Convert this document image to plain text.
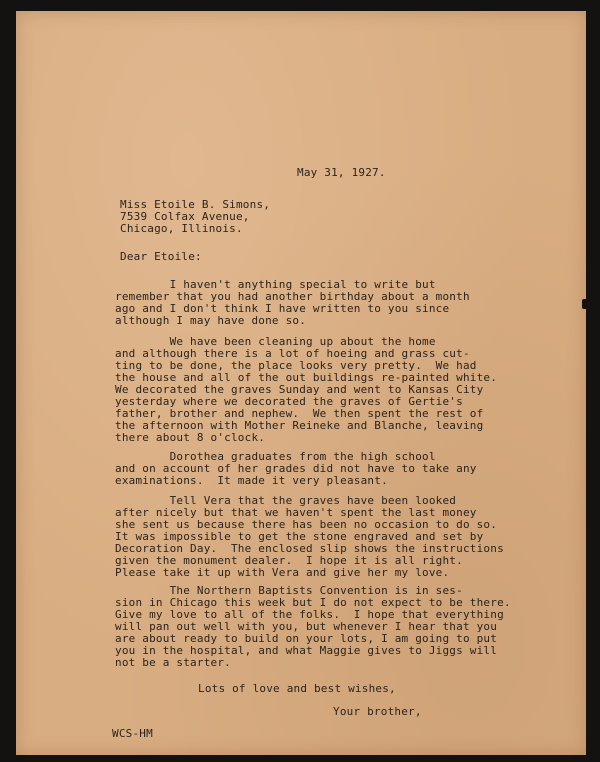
May 31, 1927.
Miss Etoile B. Simons,
7539 Colfax Avenue,
Chicago, Illinois.
Dear Etoile:
I haven't anything special to write but
remember that you had another birthday about a month
ago and I don't think I have written to you since
although I may have done so.
We have been cleaning up about the home
and although there is a lot of hoeing and grass cut-
ting to be done, the place looks very pretty.  We had
the house and all of the out buildings re-painted white.
We decorated the graves Sunday and went to Kansas City
yesterday where we decorated the graves of Gertie's
father, brother and nephew.  We then spent the rest of
the afternoon with Mother Reineke and Blanche, leaving
there about 8 o'clock.
Dorothea graduates from the high school
and on account of her grades did not have to take any
examinations.  It made it very pleasant.
Tell Vera that the graves have been looked
after nicely but that we haven't spent the last money
she sent us because there has been no occasion to do so.
It was impossible to get the stone engraved and set by
Decoration Day.  The enclosed slip shows the instructions
given the monument dealer.  I hope it is all right.
Please take it up with Vera and give her my love.
The Northern Baptists Convention is in ses-
sion in Chicago this week but I do not expect to be there.
Give my love to all of the folks.  I hope that everything
will pan out well with you, but whenever I hear that you
are about ready to build on your lots, I am going to put
you in the hospital, and what Maggie gives to Jiggs will
not be a starter.
Lots of love and best wishes,
Your brother,
WCS-HM
